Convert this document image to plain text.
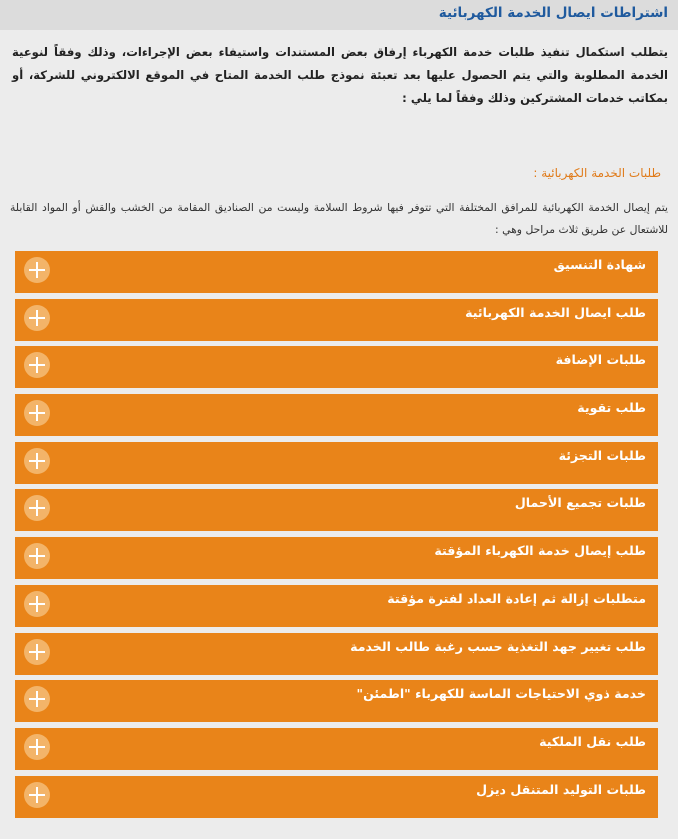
اشتراطات ايصال الخدمة الكهربائية
يتطلب استكمال تنفيذ طلبات خدمة الكهرباء إرفاق بعض المستندات واستيفاء بعض الإجراءات، وذلك وفقاً لنوعية الخدمة المطلوبة والتي يتم الحصول عليها بعد تعبئة نموذج طلب الخدمة المتاح في الموقع الالكتروني للشركة، أو بمكاتب خدمات المشتركين وذلك وفقاً لما يلي :
طلبات الخدمة الكهربائية :
يتم إيصال الخدمة الكهربائية للمرافق المختلفة التي تتوفر فيها شروط السلامة وليست من الصناديق المقامة من الخشب والقش أو المواد القابلة للاشتعال عن طريق ثلاث مراحل وهي :
شهادة التنسيق
طلب ايصال الخدمة الكهربائية
طلبات الإضافة
طلب تقوية
طلبات التجزئة
طلبات تجميع الأحمال
طلب إيصال خدمة الكهرباء المؤقتة
متطلبات إزالة ثم إعادة العداد لفترة مؤقتة
طلب تغيير جهد التغذية حسب رغبة طالب الخدمة
خدمة ذوي الاحتياجات الماسة للكهرباء "اطمئن"
طلب نقل الملكية
طلبات التوليد المتنقل ديزل
